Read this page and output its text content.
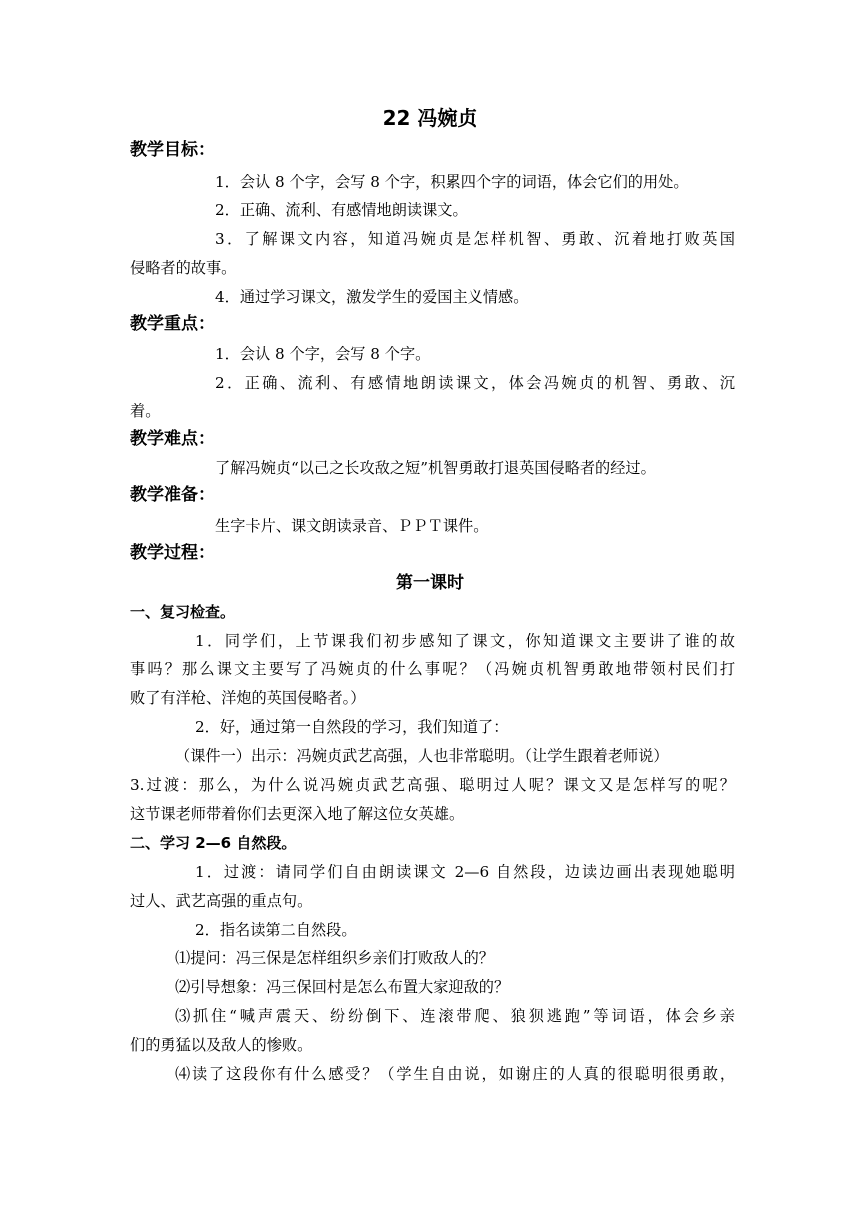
22 冯婉贞
教学目标：
1．会认 8 个字，会写 8 个字，积累四个字的词语，体会它们的用处。
2．正确、流利、有感情地朗读课文。
3．了解课文内容，知道冯婉贞是怎样机智、勇敢、沉着地打败英国
侵略者的故事。
4．通过学习课文，激发学生的爱国主义情感。
教学重点：
1．会认 8 个字，会写 8 个字。
2．正确、流利、有感情地朗读课文，体会冯婉贞的机智、勇敢、沉
着。
教学难点：
了解冯婉贞“以己之长攻敌之短”机智勇敢打退英国侵略者的经过。
教学准备：
生字卡片、课文朗读录音、ＰＰＴ课件。
教学过程：
第一课时
一、复习检查。
1．同学们，上节课我们初步感知了课文，你知道课文主要讲了谁的故
事吗？那么课文主要写了冯婉贞的什么事呢？（冯婉贞机智勇敢地带领村民们打
败了有洋枪、洋炮的英国侵略者。）
2．好，通过第一自然段的学习，我们知道了：
（课件一）出示：冯婉贞武艺高强，人也非常聪明。（让学生跟着老师说）
3.过渡：那么，为什么说冯婉贞武艺高强、聪明过人呢？课文又是怎样写的呢？
这节课老师带着你们去更深入地了解这位女英雄。
二、学习 2—6 自然段。
1．过渡：请同学们自由朗读课文 2—6 自然段，边读边画出表现她聪明
过人、武艺高强的重点句。
2．指名读第二自然段。
⑴提问：冯三保是怎样组织乡亲们打败敌人的？
⑵引导想象：冯三保回村是怎么布置大家迎敌的？
⑶抓住“喊声震天、纷纷倒下、连滚带爬、狼狈逃跑”等词语，体会乡亲
们的勇猛以及敌人的惨败。
⑷读了这段你有什么感受？（学生自由说，如谢庄的人真的很聪明很勇敢，
